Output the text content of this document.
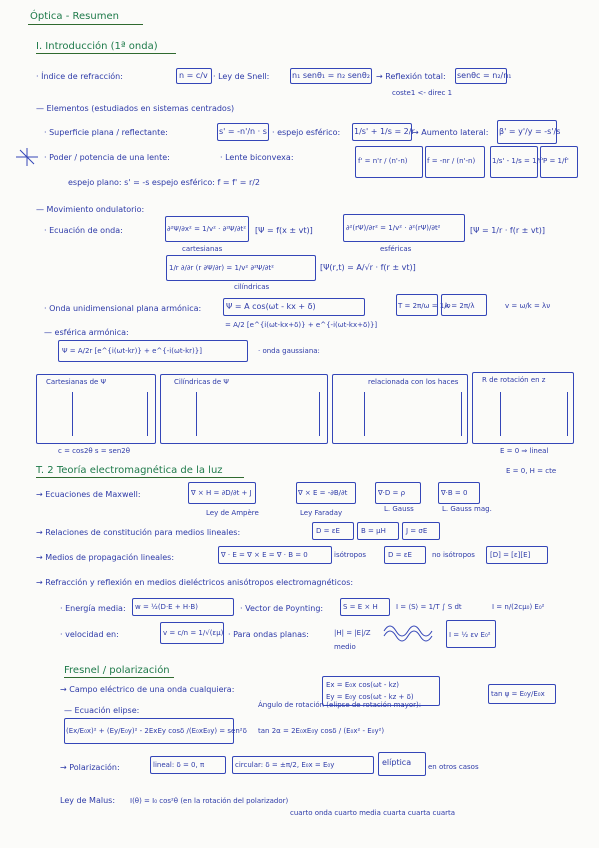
Óptica - Resumen
I. Introducción (1ª onda)
· Índice de refracción:	n = c/v · Ley de Snell:	n₁ senθ₁ = n₂ senθ₂ → Reflexión total: senθc = n₂/n₁
coste1 <- direc 1
— Elementos (estudiados en sistemas centrados)
· Superficie plana / reflectante:	s' = -n'/n · s · espejo esférico: 1/s' + 1/s = 2/r
→ Aumento lateral: β' = y'/y = -s'/s
· Poder / potencia de una lente:	· Lente biconvexa:	f' = n'r / (n'-n)	f = -nr / (n'-n) 1/s' - 1/s = 1/f' P = 1/f'
espejo plano: s' = -s espejo esférico: f = f' = r/2
— Movimiento ondulatorio:
· Ecuación de onda:	∂²Ψ/∂x² = 1/v² · ∂²Ψ/∂t²
cartesianas
[Ψ = f(x ± vt)]	∂²(rΨ)/∂r² = 1/v² · ∂²(rΨ)/∂t²
esféricas
[Ψ = 1/r · f(r ± vt)]
1/r ∂/∂r (r ∂Ψ/∂r) = 1/v² ∂²Ψ/∂t²	[Ψ(r,t) = A/√r · f(r ± vt)]
cilíndricas
· Onda unidimensional plana armónica:	Ψ = A cos(ωt - kx + δ)	T = 2π/ω = 1/ν
k = 2π/λ	v = ω/k = λν
= A/2 [e^{i(ωt-kx+δ)} + e^{-i(ωt-kx+δ)}]
— esférica armónica:
Ψ = A/2r [e^{i(ωt-kr)} + e^{-i(ωt-kr)}]	· onda gaussiana:
Cartesianas de Ψ	Cilíndricas de Ψ	relacionada con los haces	R de rotación en z
c = cos2θ s = sen2θ	E = 0 ⇒ lineal
T. 2 Teoría electromagnética de la luz
→ Ecuaciones de Maxwell:	∇ × H = ∂D/∂t + J	∇ × E = -∂B/∂t	∇·D = ρ	∇·B = 0
Ley de Ampère	Ley Faraday	L. Gauss	L. Gauss mag.
E = 0, H = cte
→ Relaciones de constitución para medios lineales:	D = εE	B = μH	J = σE
→ Medios de propagación lineales:	∇ · E = ∇ × E = ∇ · B = 0	isótropos	D = εE	no isótropos [D] = [ε][E]
→ Refracción y reflexión en medios dieléctricos anisótropos electromagnéticos:
· Energía media: w = ½(D·E + H·B)	· Vector de Poynting:	S = E × H	I = ⟨S⟩ = 1/T ∫ S dt	I = n/(2cμ₀) E₀²
· velocidad en:	v = c/n = 1/√(εμ) · Para ondas planas:	|H| = |E|/Z
medio
I = ½ εv E₀²
Fresnel / polarización
→ Campo eléctrico de una onda cualquiera:	Ex = E₀x cos(ωt - kz)
Ey = E₀y cos(ωt - kz + δ)	tan ψ = E₀y/E₀x
— Ecuación elipse:
(Ex/E₀x)² + (Ey/E₀y)² - 2ExEy cosδ /(E₀xE₀y) = sen²δ
Ángulo de rotación (elipse de rotación mayor):
tan 2α = 2E₀xE₀y cosδ / (E₀x² - E₀y²)
→ Polarización:	lineal: δ = 0, π	circular: δ = ±π/2, E₀x = E₀y	elíptica en otros casos
Ley de Malus: I(θ) = I₀ cos²θ (en la rotación del polarizador)
cuarto onda cuarto media cuarta cuarta cuarta
